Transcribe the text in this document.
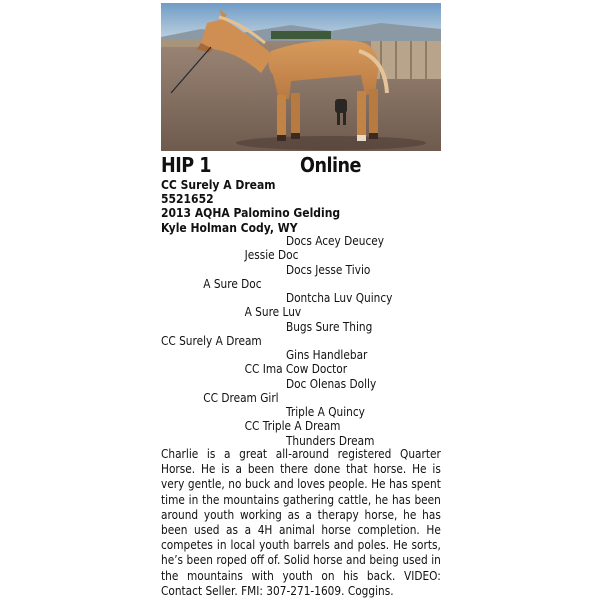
HIP 1	Online
CC Surely A Dream
5521652
2013 AQHA Palomino Gelding
Kyle Holman Cody, WY
Docs Acey Deucey
Jessie Doc
Docs Jesse Tivio
A Sure Doc
Dontcha Luv Quincy
A Sure Luv
Bugs Sure Thing
CC Surely A Dream
Gins Handlebar
CC Ima Cow Doctor
Doc Olenas Dolly
CC Dream Girl
Triple A Quincy
CC Triple A Dream
Thunders Dream
Charlie is a great all-around registered Quarter Horse. He is a been there done that horse. He is very gentle, no buck and loves people. He has spent time in the mountains gathering cattle, he has been around youth working as a therapy horse, he has been used as a 4H animal horse completion. He competes in local youth barrels and poles. He sorts, he’s been roped off of. Solid horse and being used in the mountains with youth on his back. VIDEO: Contact Seller. FMI: 307-271-1609. Coggins.
